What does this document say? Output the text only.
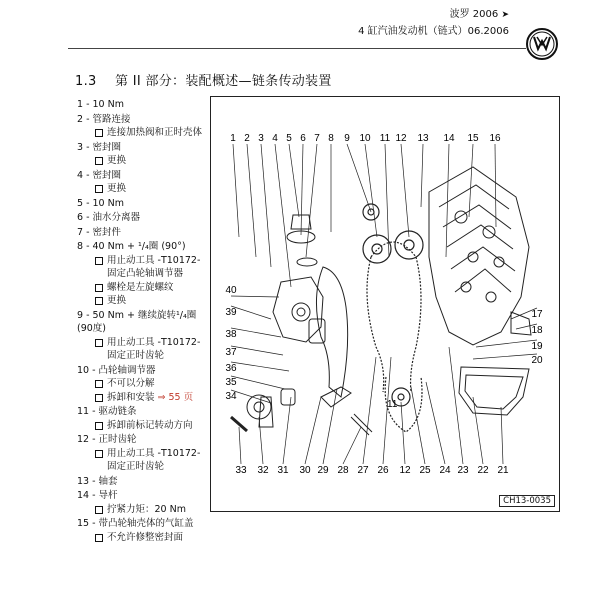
波罗 2006 ➤
4 缸汽油发动机（链式）06.2006
1.3 第 II 部分：装配概述—链条传动装置
1 - 10 Nm
2 - 管路连接
连接加热阀和正时壳体
3 - 密封圈
更换
4 - 密封圈
更换
5 - 10 Nm
6 - 油水分离器
7 - 密封件
8 - 40 Nm + ¹/₄圈 (90°)
用止动工具 -T10172-固定凸轮轴调节器
螺栓是左旋螺纹
更换
9 - 50 Nm + 继续旋转¹/₄圈 (90度)
用止动工具 -T10172-固定正时齿轮
10 - 凸轮轴调节器
不可以分解
拆卸和安装 ⇒ 55 页
11 - 驱动链条
拆卸前标记转动方向
12 - 正时齿轮
用止动工具 -T10172-固定正时齿轮
13 - 轴套
14 - 导杆
拧紧力矩：20 Nm
15 - 带凸轮轴壳体的气缸盖
不允许修整密封面
1 2 3 4 5 6 7 8 9 10 11 12 13 14 15 16
33 32 31 30 29 28 27 26 12 25 24 23 22 21
40
39
38
37
36
35
34
17
18
19
20
11
CH13-0035
